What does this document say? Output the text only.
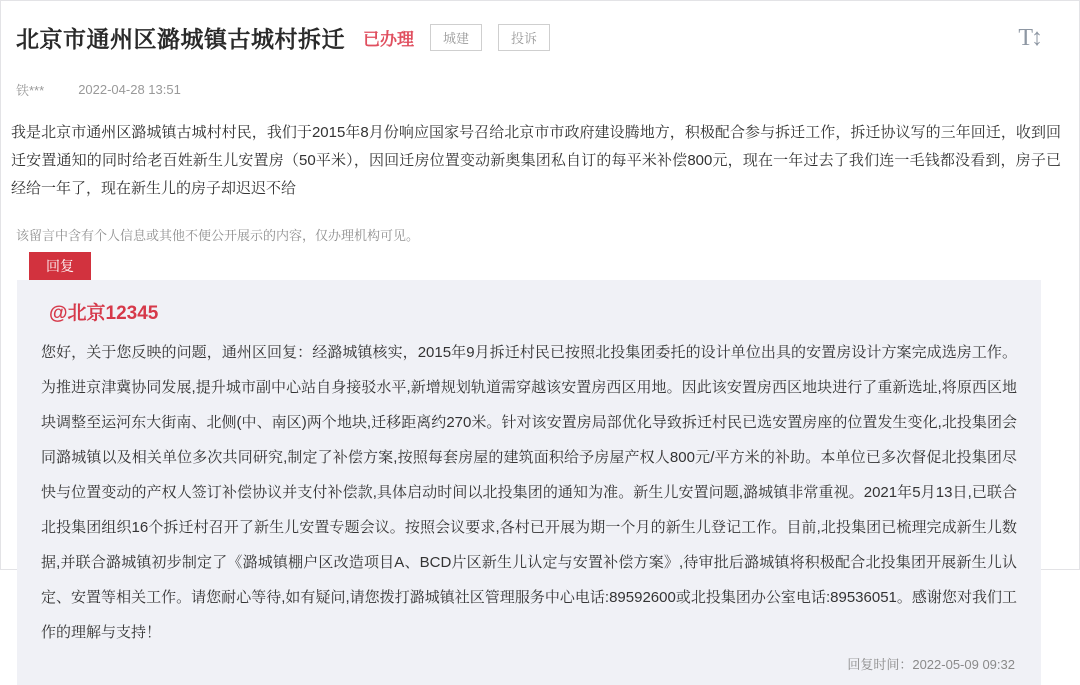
北京市通州区潞城镇古城村拆迁 已办理	城建	投诉	T↕
铁***	2022-04-28 13:51
我是北京市通州区潞城镇古城村村民，我们于2015年8月份响应国家号召给北京市市政府建设腾地方，积极配合参与拆迁工作，拆迁协议写的三年回迁，收到回迁安置通知的同时给老百姓新生儿安置房（50平米），因回迁房位置变动新奥集团私自订的每平米补偿800元，现在一年过去了我们连一毛钱都没看到，房子已经给一年了，现在新生儿的房子却迟迟不给
该留言中含有个人信息或其他不便公开展示的内容，仅办理机构可见。
回复
@北京12345
您好，关于您反映的问题，通州区回复：经潞城镇核实，2015年9月拆迁村民已按照北投集团委托的设计单位出具的安置房设计方案完成选房工作。为推进京津冀协同发展,提升城市副中心站自身接驳水平,新增规划轨道需穿越该安置房西区用地。因此该安置房西区地块进行了重新选址,将原西区地块调整至运河东大街南、北侧(中、南区)两个地块,迁移距离约270米。针对该安置房局部优化导致拆迁村民已选安置房座的位置发生变化,北投集团会同潞城镇以及相关单位多次共同研究,制定了补偿方案,按照每套房屋的建筑面积给予房屋产权人800元/平方米的补助。本单位已多次督促北投集团尽快与位置变动的产权人签订补偿协议并支付补偿款,具体启动时间以北投集团的通知为准。新生儿安置问题,潞城镇非常重视。2021年5月13日,已联合北投集团组织16个拆迁村召开了新生儿安置专题会议。按照会议要求,各村已开展为期一个月的新生儿登记工作。目前,北投集团已梳理完成新生儿数据,并联合潞城镇初步制定了《潞城镇棚户区改造项目A、BCD片区新生儿认定与安置补偿方案》,待审批后潞城镇将积极配合北投集团开展新生儿认定、安置等相关工作。请您耐心等待,如有疑问,请您拨打潞城镇社区管理服务中心电话:89592600或北投集团办公室电话:89536051。感谢您对我们工作的理解与支持！
回复时间：2022-05-09 09:32
